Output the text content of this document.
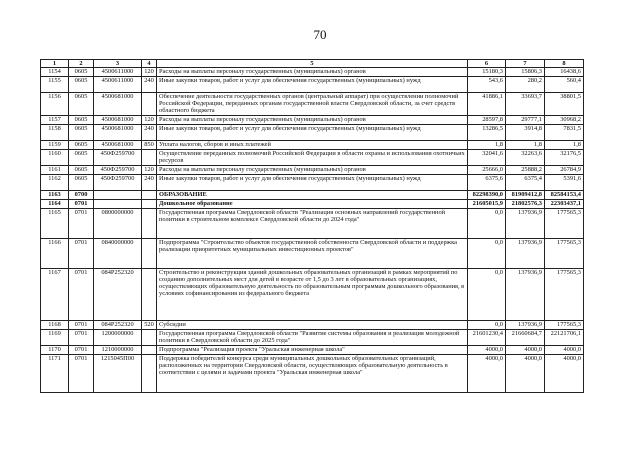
70
1	2	3	4	5	6	7	8
1154	0605	4500611000	120	Расходы на выплаты персоналу государственных (муниципальных) органов	15180,3	15806,3	16438,6
1155	0605	4500611000	240	Иные закупки товаров, работ и услуг для обеспечения государственных (муниципальных) нужд	543,6	280,2	560,4
1156	0605	4500681000		Обеспечение деятельности государственных органов (центральный аппарат) при осуществлении полномочий Российской Федерации, переданных органам государственной власти Свердловской области, за счет средств областного бюджета	41886,1	33693,7	38801,5
1157	0605	4500681000	120	Расходы на выплаты персоналу государственных (муниципальных) органов	28597,8	29777,1	30968,2
1158	0605	4500681000	240	Иные закупки товаров, работ и услуг для обеспечения государственных (муниципальных) нужд	13286,5	3914,8	7831,5
1159	0605	4500681000	850	Уплата налогов, сборов и иных платежей	1,8	1,8	1,8
1160	0605	450Ф259700		Осуществление переданных полномочий Российской Федерации в области охраны и использования охотничьих ресурсов	32041,6	32263,6	32176,5
1161	0605	450Ф259700	120	Расходы на выплаты персоналу государственных (муниципальных) органов	25666,0	25888,2	26784,9
1162	0605	450Ф259700	240	Иные закупки товаров, работ и услуг для обеспечения государственных (муниципальных) нужд	6375,6	6375,4	5391,6
1163	0700			ОБРАЗОВАНИЕ	82298390,0	81909412,8	82584153,4
1164	0701			Дошкольное образование	21605015,9	21802576,3	22303437,1
1165	0701	0800000000		Государственная программа Свердловской области "Реализация основных направлений государственной политики в строительном комплексе Свердловской области до 2024 года"	0,0	137936,9	177565,3
1166	0701	0840000000		Подпрограмма "Строительство объектов государственной собственности Свердловской области и поддержка реализации приоритетных муниципальных инвестиционных проектов"	0,0	137936,9	177565,3
1167	0701	084Р252320		Строительство и реконструкция зданий дошкольных образовательных организаций в рамках мероприятий по созданию дополнительных мест для детей в возрасте от 1,5 до 3 лет в образовательных организациях, осуществляющих образовательную деятельность по образовательным программам дошкольного образования, в условиях софинансирования из федерального бюджета	0,0	137936,9	177565,3
1168	0701	084Р252320	520	Субсидии	0,0	137936,9	177565,3
1169	0701	1200000000		Государственная программа Свердловской области "Развитие системы образования и реализация молодежной политики в Свердловской области до 2025 года"	21601230,4	21660684,7	22121706,1
1170	0701	1210000000		Подпрограмма "Реализация проекта "Уральская инженерная школа"	4000,0	4000,0	4000,0
1171	0701	1215045П00		Поддержка победителей конкурса среди муниципальных дошкольных образовательных организаций, расположенных на территории Свердловской области, осуществляющих образовательную деятельность в соответствии с целями и задачами проекта "Уральская инженерная школа"	4000,0	4000,0	4000,0
